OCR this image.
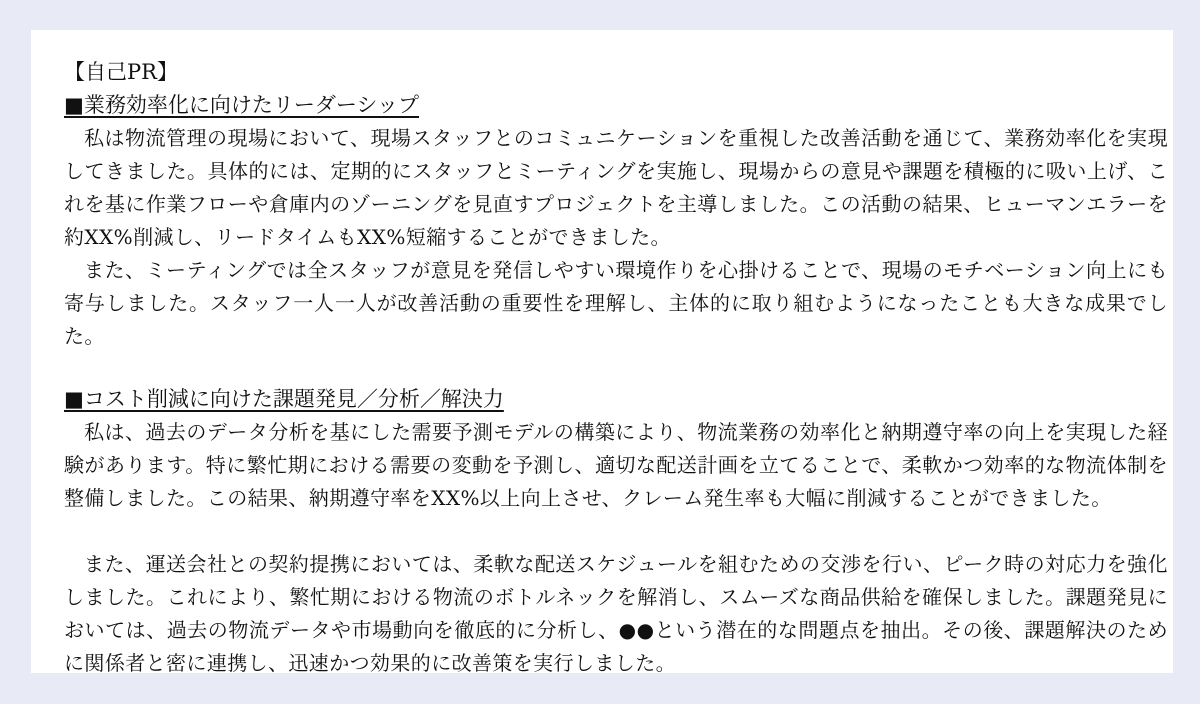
【自己PR】
■業務効率化に向けたリーダーシップ

私は物流管理の現場において、現場スタッフとのコミュニケーションを重視した改善活動を通じて、業務効率化を実現してきました。具体的には、定期的にスタッフとミーティングを実施し、現場からの意見や課題を積極的に吸い上げ、これを基に作業フローや倉庫内のゾーニングを見直すプロジェクトを主導しました。この活動の結果、ヒューマンエラーを約XX%削減し、リードタイムもXX%短縮することができました。

また、ミーティングでは全スタッフが意見を発信しやすい環境作りを心掛けることで、現場のモチベーション向上にも寄与しました。スタッフ一人一人が改善活動の重要性を理解し、主体的に取り組むようになったことも大きな成果でした。

■コスト削減に向けた課題発見／分析／解決力

私は、過去のデータ分析を基にした需要予測モデルの構築により、物流業務の効率化と納期遵守率の向上を実現した経験があります。特に繁忙期における需要の変動を予測し、適切な配送計画を立てることで、柔軟かつ効率的な物流体制を整備しました。この結果、納期遵守率をXX%以上向上させ、クレーム発生率も大幅に削減することができました。

また、運送会社との契約提携においては、柔軟な配送スケジュールを組むための交渉を行い、ピーク時の対応力を強化しました。これにより、繁忙期における物流のボトルネックを解消し、スムーズな商品供給を確保しました。課題発見においては、過去の物流データや市場動向を徹底的に分析し、●●という潜在的な問題点を抽出。その後、課題解決のために関係者と密に連携し、迅速かつ効果的に改善策を実行しました。
